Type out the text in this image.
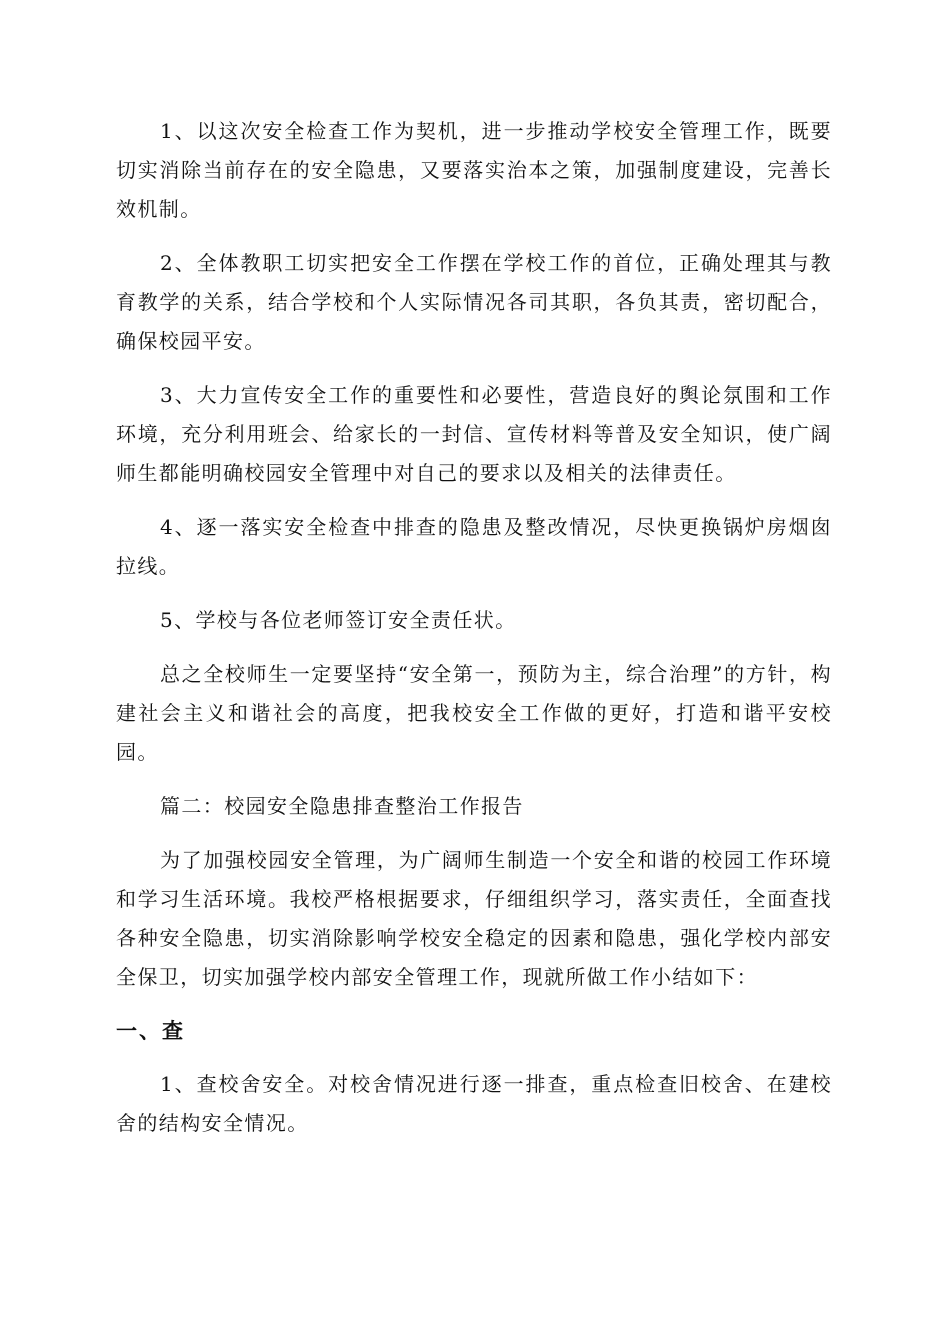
1、以这次安全检查工作为契机，进一步推动学校安全管理工作，既要切实消除当前存在的安全隐患，又要落实治本之策，加强制度建设，完善长效机制。

2、全体教职工切实把安全工作摆在学校工作的首位，正确处理其与教育教学的关系，结合学校和个人实际情况各司其职，各负其责，密切配合，确保校园平安。

3、大力宣传安全工作的重要性和必要性，营造良好的舆论氛围和工作环境，充分利用班会、给家长的一封信、宣传材料等普及安全知识，使广阔师生都能明确校园安全管理中对自己的要求以及相关的法律责任。

4、逐一落实安全检查中排查的隐患及整改情况，尽快更换锅炉房烟囱拉线。

5、学校与各位老师签订安全责任状。

总之全校师生一定要坚持“安全第一，预防为主，综合治理”的方针，构建社会主义和谐社会的高度，把我校安全工作做的更好，打造和谐平安校园。

篇二：校园安全隐患排查整治工作报告

为了加强校园安全管理，为广阔师生制造一个安全和谐的校园工作环境和学习生活环境。我校严格根据要求，仔细组织学习，落实责任，全面查找各种安全隐患，切实消除影响学校安全稳定的因素和隐患，强化学校内部安全保卫，切实加强学校内部安全管理工作，现就所做工作小结如下：

一、查

1、查校舍安全。对校舍情况进行逐一排查，重点检查旧校舍、在建校舍的结构安全情况。
